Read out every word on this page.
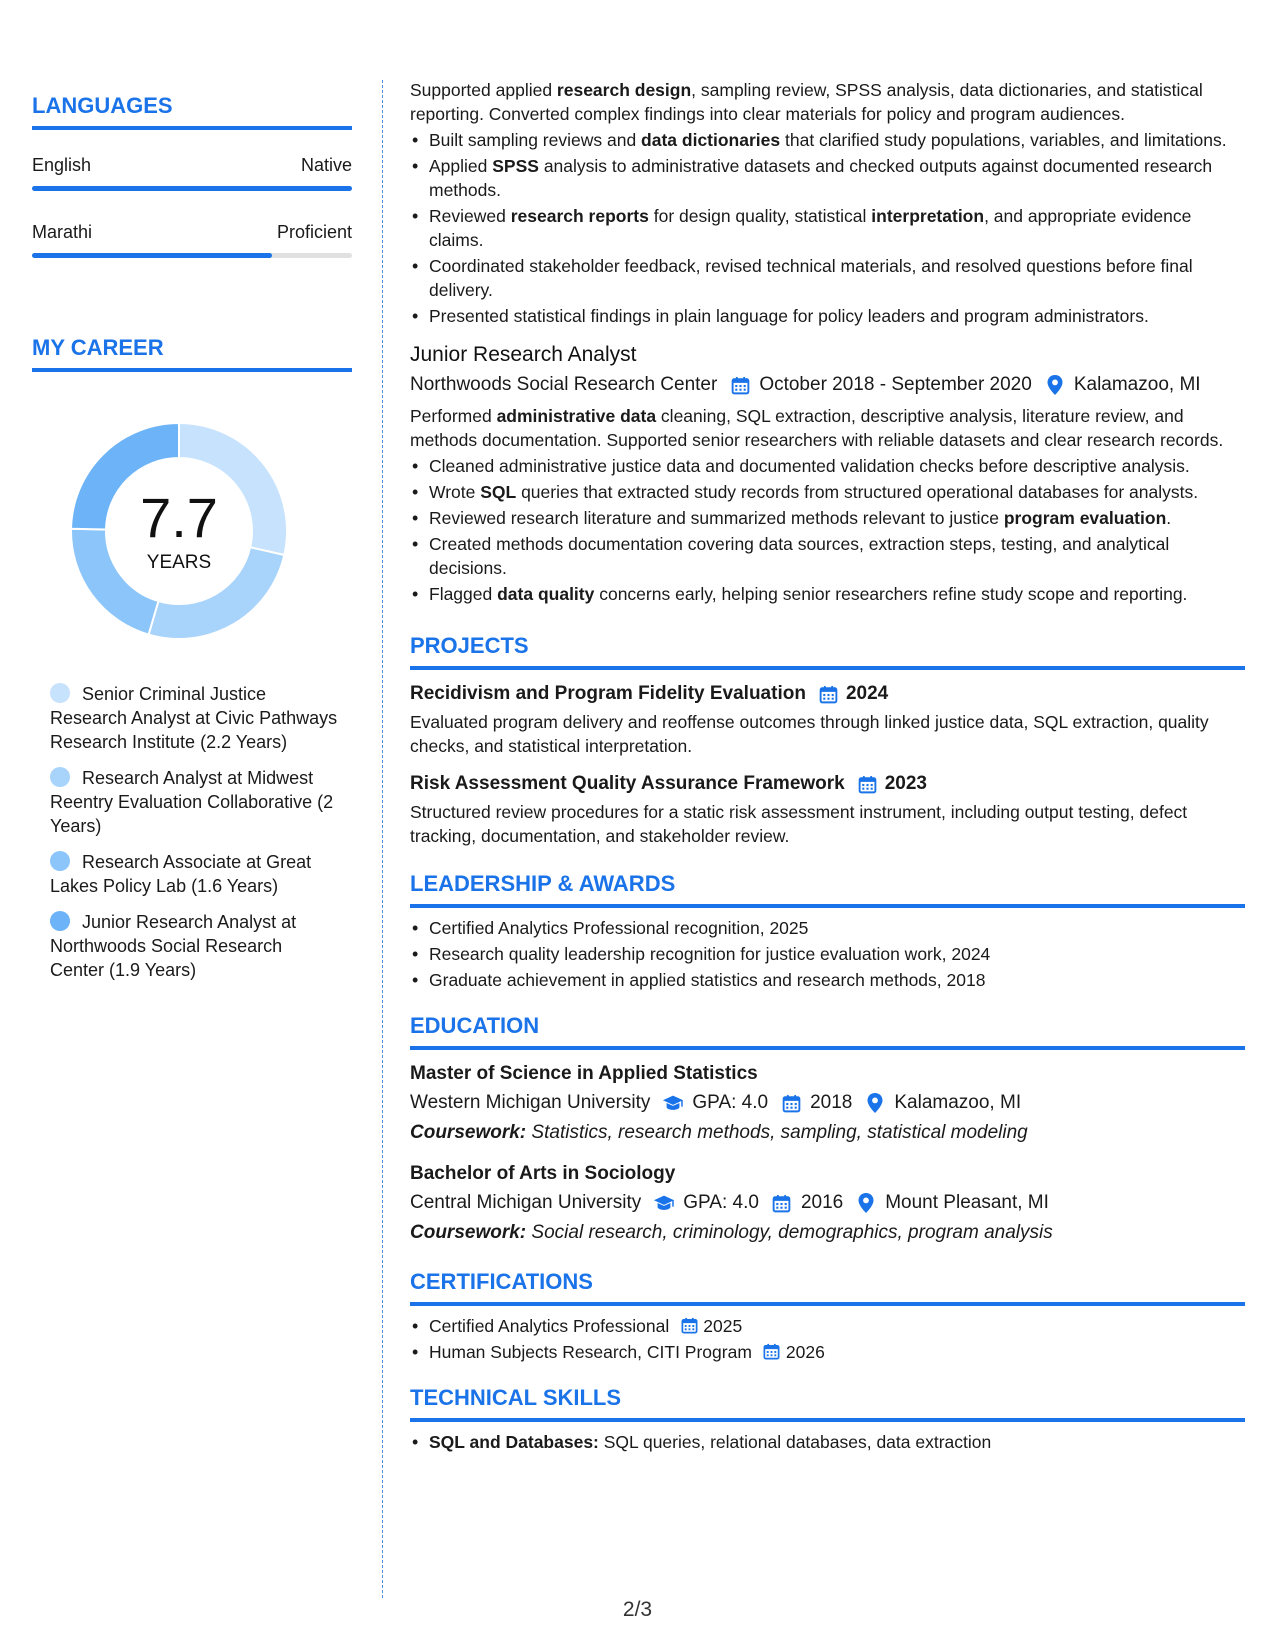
LANGUAGES
English	Native
Marathi	Proficient
MY CAREER
7.7
YEARS
Senior Criminal Justice Research Analyst at Civic Pathways Research Institute (2.2 Years)
Research Analyst at Midwest Reentry Evaluation Collaborative (2 Years)
Research Associate at Great Lakes Policy Lab (1.6 Years)
Junior Research Analyst at Northwoods Social Research Center (1.9 Years)

Supported applied research design, sampling review, SPSS analysis, data dictionaries, and statistical reporting. Converted complex findings into clear materials for policy and program audiences.

• Built sampling reviews and data dictionaries that clarified study populations, variables, and limitations.
• Applied SPSS analysis to administrative datasets and checked outputs against documented research methods.
• Reviewed research reports for design quality, statistical interpretation, and appropriate evidence claims.
• Coordinated stakeholder feedback, revised technical materials, and resolved questions before final delivery.
• Presented statistical findings in plain language for policy leaders and program administrators.
Junior Research Analyst
Northwoods Social Research Center October 2018 - September 2020 Kalamazoo, MI

Performed administrative data cleaning, SQL extraction, descriptive analysis, literature review, and methods documentation. Supported senior researchers with reliable datasets and clear research records.

• Cleaned administrative justice data and documented validation checks before descriptive analysis.
• Wrote SQL queries that extracted study records from structured operational databases for analysts.
• Reviewed research literature and summarized methods relevant to justice program evaluation.
• Created methods documentation covering data sources, extraction steps, testing, and analytical decisions.
• Flagged data quality concerns early, helping senior researchers refine study scope and reporting.
PROJECTS
Recidivism and Program Fidelity Evaluation 2024

Evaluated program delivery and reoffense outcomes through linked justice data, SQL extraction, quality checks, and statistical interpretation.

Risk Assessment Quality Assurance Framework 2023

Structured review procedures for a static risk assessment instrument, including output testing, defect tracking, documentation, and stakeholder review.

LEADERSHIP & AWARDS
• Certified Analytics Professional recognition, 2025
• Research quality leadership recognition for justice evaluation work, 2024
• Graduate achievement in applied statistics and research methods, 2018
EDUCATION
Master of Science in Applied Statistics
Western Michigan University GPA: 4.0 2018 Kalamazoo, MI
Coursework: Statistics, research methods, sampling, statistical modeling
Bachelor of Arts in Sociology
Central Michigan University GPA: 4.0 2016 Mount Pleasant, MI
Coursework: Social research, criminology, demographics, program analysis
CERTIFICATIONS
• Certified Analytics Professional 2025
• Human Subjects Research, CITI Program 2026
TECHNICAL SKILLS
• SQL and Databases: SQL queries, relational databases, data extraction
2/3
